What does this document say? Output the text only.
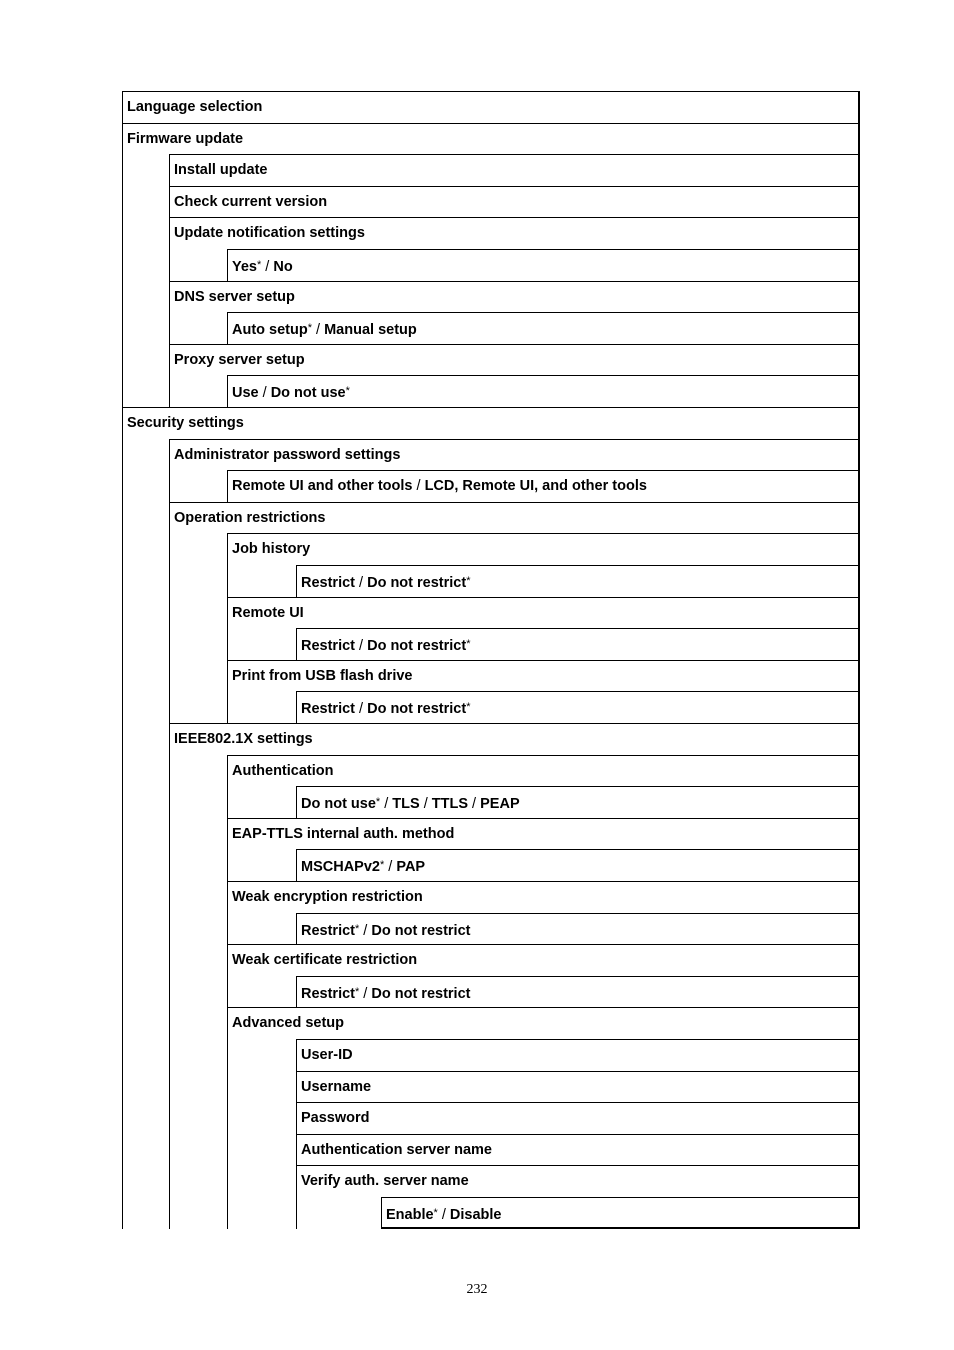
Language selection
Firmware update
Install update
Check current version
Update notification settings
Yes* / No
DNS server setup
Auto setup* / Manual setup
Proxy server setup
Use / Do not use*
Security settings
Administrator password settings
Remote UI and other tools / LCD, Remote UI, and other tools
Operation restrictions
Job history
Restrict / Do not restrict*
Remote UI
Restrict / Do not restrict*
Print from USB flash drive
Restrict / Do not restrict*
IEEE802.1X settings
Authentication
Do not use* / TLS / TTLS / PEAP
EAP-TTLS internal auth. method
MSCHAPv2* / PAP
Weak encryption restriction
Restrict* / Do not restrict
Weak certificate restriction
Restrict* / Do not restrict
Advanced setup
User-ID
Username
Password
Authentication server name
Verify auth. server name
Enable* / Disable
232
